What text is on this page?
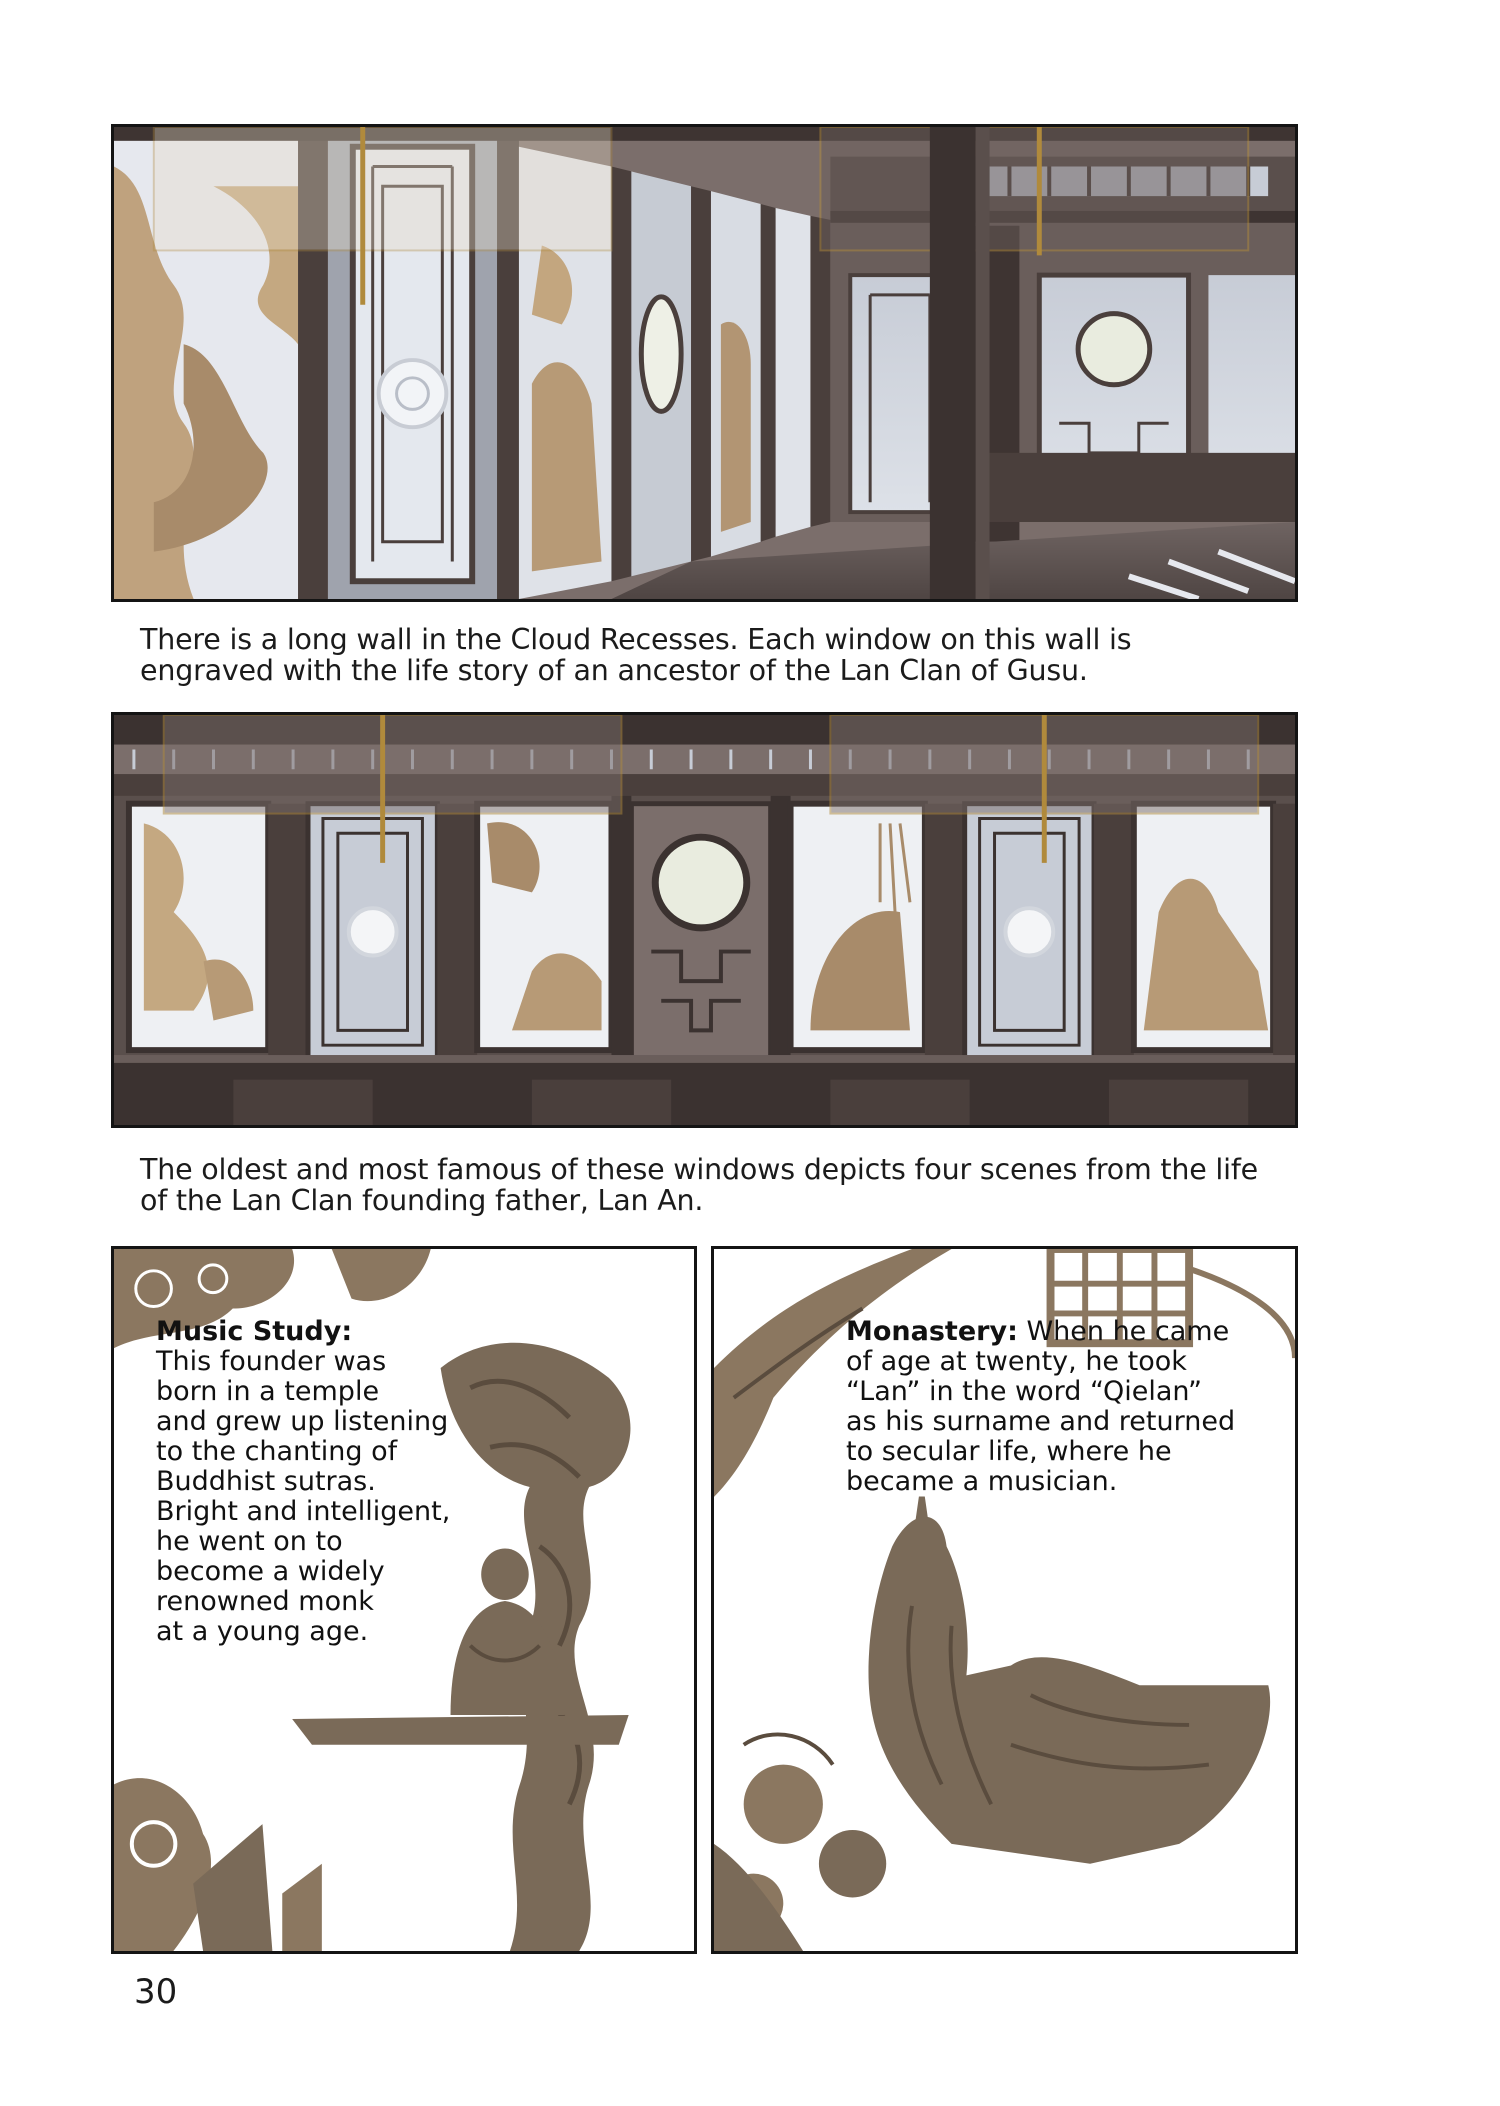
There is a long wall in the Cloud Recesses. Each window on this wall is engraved with the life story of an ancestor of the Lan Clan of Gusu.

The oldest and most famous of these windows depicts four scenes from the life of the Lan Clan founding father, Lan An.

Music Study:
This founder was
born in a temple
and grew up listening
to the chanting of
Buddhist sutras.
Bright and intelligent,
he went on to
become a widely
renowned monk
at a young age.

Monastery: When he came
of age at twenty, he took
“Lan” in the word “Qielan”
as his surname and returned
to secular life, where he
became a musician.

30
